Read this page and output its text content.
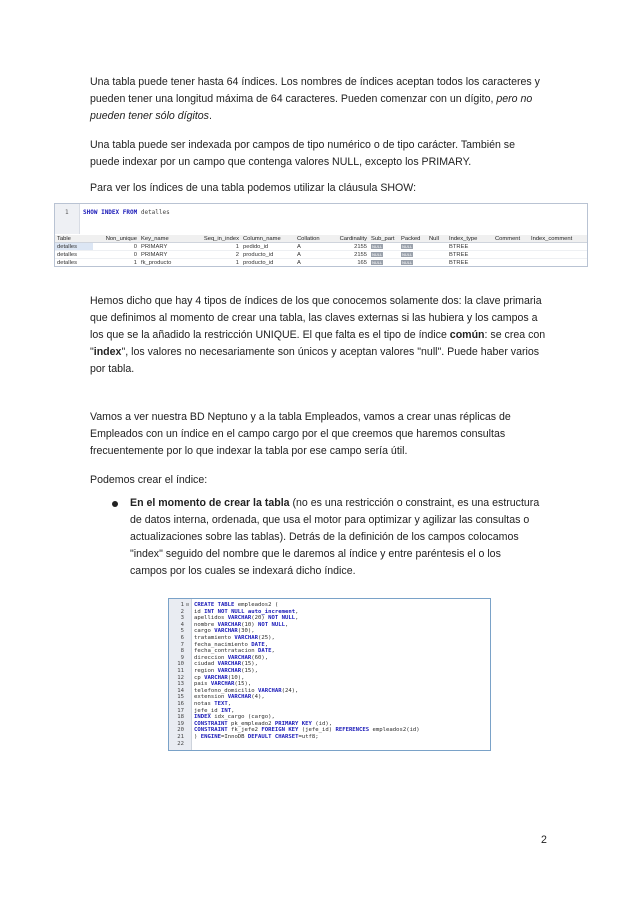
Una tabla puede tener hasta 64 índices. Los nombres de índices aceptan todos los caracteres y
pueden tener una longitud máxima de 64 caracteres. Pueden comenzar con un dígito, pero no
pueden tener sólo dígitos.

Una tabla puede ser indexada por campos de tipo numérico o de tipo carácter. También se
puede indexar por un campo que contenga valores NULL, excepto los PRIMARY.

Para ver los índices de una tabla podemos utilizar la cláusula SHOW:

1 SHOW INDEX FROM detalles
Table	Non_unique	Key_name	Seq_in_index	Column_name	Collation	Cardinality	Sub_part	Packed	Null	Index_type	Comment	Index_comment
detalles	0	PRIMARY	1	pedido_id	A	2155	NULL	NULL		BTREE		
detalles	0	PRIMARY	2	producto_id	A	2155	NULL	NULL		BTREE		
detalles	1	fk_producto	1	producto_id	A	165	NULL	NULL		BTREE		

Hemos dicho que hay 4 tipos de índices de los que conocemos solamente dos: la clave primaria
que definimos al momento de crear una tabla, las claves externas si las hubiera y los campos a
los que se la añadido la restricción UNIQUE. El que falta es el tipo de índice común: se crea con
"index", los valores no necesariamente son únicos y aceptan valores "null". Puede haber varios
por tabla.

Vamos a ver nuestra BD Neptuno y a la tabla Empleados, vamos a crear unas réplicas de
Empleados con un índice en el campo cargo por el que creemos que haremos consultas
frecuentemente por lo que indexar la tabla por ese campo sería útil.

Podemos crear el índice:

En el momento de crear la tabla (no es una restricción o constraint, es una estructura
de datos interna, ordenada, que usa el motor para optimizar y agilizar las consultas o
actualizaciones sobre las tablas). Detrás de la definición de los campos colocamos
"index" seguido del nombre que le daremos al índice y entre paréntesis el o los
campos por los cuales se indexará dicho índice.

1 ⊟ CREATE TABLE empleados2 (
2 id INT NOT NULL auto_increment,
3 apellidos VARCHAR(20) NOT NULL,
4 nombre VARCHAR(10) NOT NULL,
5 cargo VARCHAR(30),
6 tratamiento VARCHAR(25),
7 fecha_nacimiento DATE,
8 fecha_contratacion DATE,
9 direccion VARCHAR(60),
10 ciudad VARCHAR(15),
11 region VARCHAR(15),
12 cp VARCHAR(10),
13 pais VARCHAR(15),
14 telefono_domicilio VARCHAR(24),
15 extension VARCHAR(4),
16 notas TEXT,
17 jefe_id INT,
18 INDEX idx_cargo (cargo),
19 CONSTRAINT pk_empleado2 PRIMARY KEY (id),
20 CONSTRAINT fk_jefe2 FOREIGN KEY (jefe_id) REFERENCES empleados2(id)
21 ) ENGINE=InnoDB DEFAULT CHARSET=utf8;
22
2
